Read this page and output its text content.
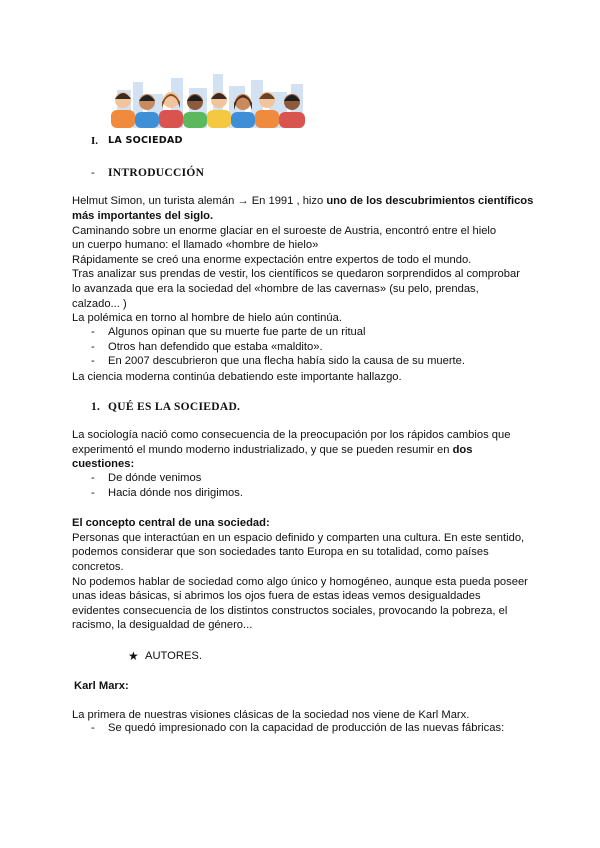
I. LA SOCIEDAD
- INTRODUCCIÓN
Helmut Simon, un turista alemán → En 1991 , hizo uno de los descubrimientos científicos
más importantes del siglo.
Caminando sobre un enorme glaciar en el suroeste de Austria, encontró entre el hielo
un cuerpo humano: el llamado «hombre de hielo»
Rápidamente se creó una enorme expectación entre expertos de todo el mundo.
Tras analizar sus prendas de vestir, los científicos se quedaron sorprendidos al comprobar
lo avanzada que era la sociedad del «hombre de las cavernas» (su pelo, prendas,
calzado... )
La polémica en torno al hombre de hielo aún continúa.
- Algunos opinan que su muerte fue parte de un ritual
- Otros han defendido que estaba «maldito».
- En 2007 descubrieron que una flecha había sido la causa de su muerte.
La ciencia moderna continúa debatiendo este importante hallazgo.
1. QUÉ ES LA SOCIEDAD.
La sociología nació como consecuencia de la preocupación por los rápidos cambios que
experimentó el mundo moderno industrializado, y que se pueden resumir en dos
cuestiones:
- De dónde venimos
- Hacia dónde nos dirigimos.
El concepto central de una sociedad:
Personas que interactúan en un espacio definido y comparten una cultura. En este sentido,
podemos considerar que son sociedades tanto Europa en su totalidad, como países
concretos.
No podemos hablar de sociedad como algo único y homogéneo, aunque esta pueda poseer
unas ideas básicas, si abrimos los ojos fuera de estas ideas vemos desigualdades
evidentes consecuencia de los distintos constructos sociales, provocando la pobreza, el
racismo, la desigualdad de género...
★ AUTORES.
Karl Marx:
La primera de nuestras visiones clásicas de la sociedad nos viene de Karl Marx.
- Se quedó impresionado con la capacidad de producción de las nuevas fábricas:
